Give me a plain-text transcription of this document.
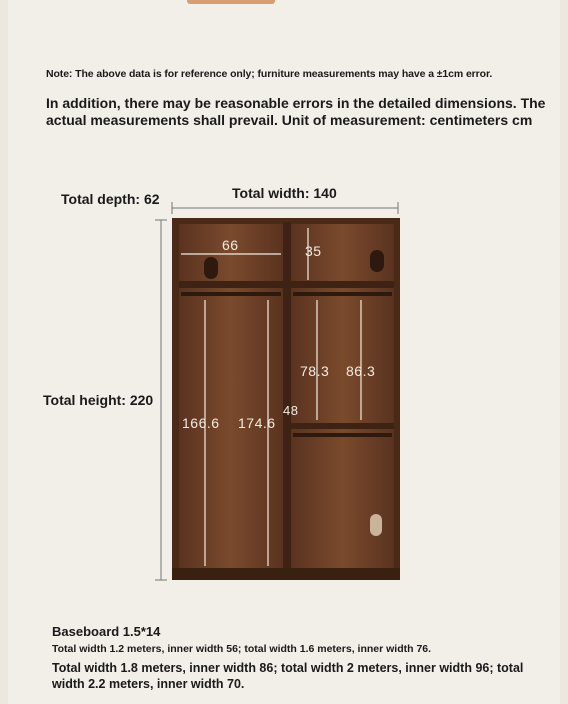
Note: The above data is for reference only; furniture measurements may have a ±1cm error.
In addition, there may be reasonable errors in the detailed dimensions. The actual measurements shall prevail. Unit of measurement: centimeters cm
Total depth: 62	Total width: 140
Total height: 220
66	35
166.6 174.6
78.3 86.3
48
Baseboard 1.5*14
Total width 1.2 meters, inner width 56; total width 1.6 meters, inner width 76.
Total width 1.8 meters, inner width 86; total width 2 meters, inner width 96; total width 2.2 meters, inner width 70.
